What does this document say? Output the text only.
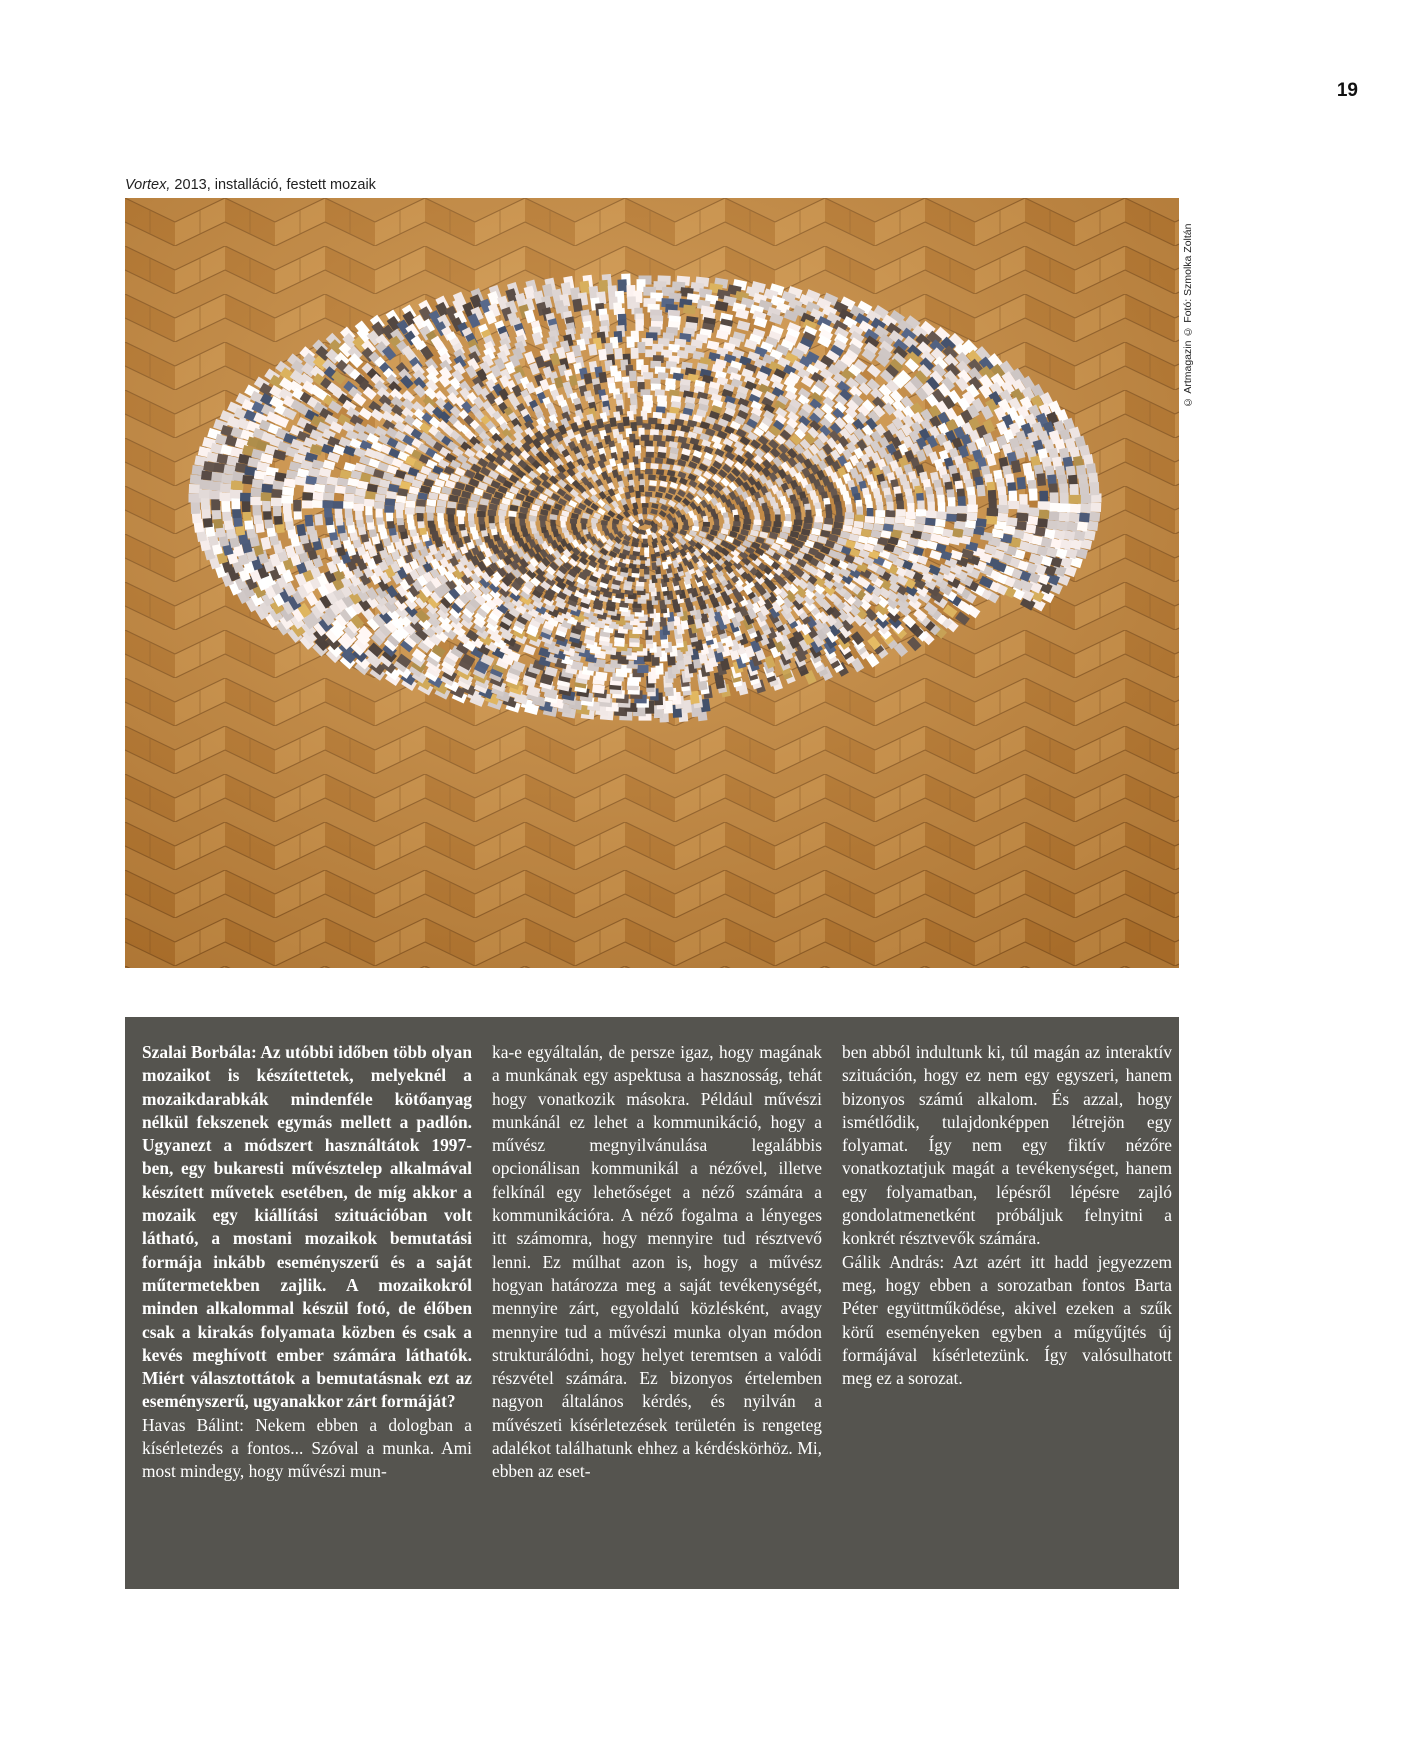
19
Vortex, 2013, installáció, festett mozaik
© Artmagazin © Fotó: Szmolka Zoltán

Szalai Borbála: Az utóbbi időben több olyan mozaikot is készítettetek, melyeknél a mozaikdarabkák mindenféle kötőanyag nélkül fekszenek egymás mellett a padlón. Ugyanezt a módszert használtátok 1997-ben, egy bukaresti művésztelep alkalmával készített művetek esetében, de míg akkor a mozaik egy kiállítási szituációban volt látható, a mostani mozaikok bemutatási formája inkább eseményszerű és a saját műtermetekben zajlik. A mozaikokról minden alkalommal készül fotó, de élőben csak a kirakás folyamata közben és csak a kevés meghívott ember számára láthatók. Miért választottátok a bemutatásnak ezt az eseményszerű, ugyanakkor zárt formáját?

Havas Bálint: Nekem ebben a dologban a kísérletezés a fontos... Szóval a munka. Ami most mindegy, hogy művészi mun-

ka-e egyáltalán, de persze igaz, hogy magának a munkának egy aspektusa a hasznosság, tehát hogy vonatkozik másokra. Például művészi munkánál ez lehet a kommunikáció, hogy a művész megnyilvánulása legalábbis opcionálisan kommunikál a nézővel, illetve felkínál egy lehetőséget a néző számára a kommunikációra. A néző fogalma a lényeges itt számomra, hogy mennyire tud résztvevő lenni. Ez múlhat azon is, hogy a művész hogyan határozza meg a saját tevékenységét, mennyire zárt, egyoldalú közlésként, avagy mennyire tud a művészi munka olyan módon strukturálódni, hogy helyet teremtsen a valódi részvétel számára. Ez bizonyos értelemben nagyon általános kérdés, és nyilván a művészeti kísérletezések területén is rengeteg adalékot találhatunk ehhez a kérdéskörhöz. Mi, ebben az eset-

ben abból indultunk ki, túl magán az interaktív szituáción, hogy ez nem egy egyszeri, hanem bizonyos számú alkalom. És azzal, hogy ismétlődik, tulajdonképpen létrejön egy folyamat. Így nem egy fiktív nézőre vonatkoztatjuk magát a tevékenységet, hanem egy folyamatban, lépésről lépésre zajló gondolatmenetként próbáljuk felnyitni a konkrét résztvevők számára.

Gálik András: Azt azért itt hadd jegyezzem meg, hogy ebben a sorozatban fontos Barta Péter együttműködése, akivel ezeken a szűk körű eseményeken egyben a műgyűjtés új formájával kísérletezünk. Így valósulhatott meg ez a sorozat.
